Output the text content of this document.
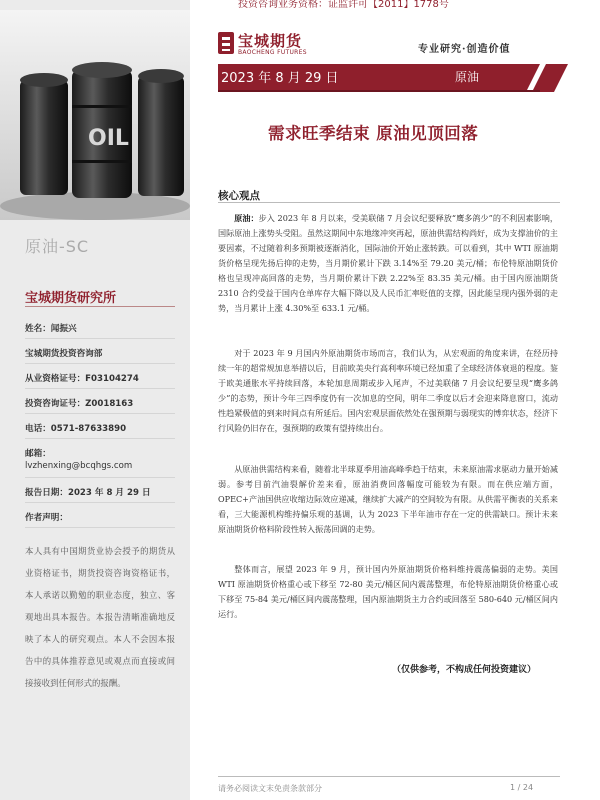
投资咨询业务资格：证监许可【2011】1778号
OIL
原油-SC
宝城期货研究所
姓名：闻振兴
宝城期货投资咨询部
从业资格证号：F03104274
投资咨询证号：Z0018163
电话：0571-87633890
邮箱：
lvzhenxing@bcqhgs.com
报告日期：2023 年 8 月 29 日
作者声明：
本人具有中国期货业协会授予的期货从业资格证书，期货投资咨询资格证书，本人承诺以勤勉的职业态度，独立、客观地出具本报告。本报告清晰准确地反映了本人的研究观点。本人不会因本报告中的具体推荐意见或观点而直接或间接接收到任何形式的报酬。
宝城期货
BAOCHENG FUTURES	专业研究·创造价值
2023 年 8 月 29 日	原油
需求旺季结束 原油见顶回落
核心观点

原油：步入 2023 年 8 月以来，受美联储 7 月会议纪要释放“鹰多鸽少”的不利因素影响，国际原油上涨势头受阻。虽然这期间中东地缘冲突再起，原油供需结构尚好，成为支撑油价的主要因素，不过随着利多预期被逐渐消化，国际油价开始止涨转跌。可以看到，其中 WTI 原油期货价格呈现先扬后抑的走势，当月期价累计下跌 3.14%至 79.20 美元/桶；布伦特原油期货价格也呈现冲高回落的走势，当月期价累计下跌 2.22%至 83.35 美元/桶。由于国内原油期货 2310 合约受益于国内仓单库存大幅下降以及人民币汇率贬值的支撑，因此能呈现内强外弱的走势，当月累计上涨 4.30%至 633.1 元/桶。

对于 2023 年 9 月国内外原油期货市场而言，我们认为，从宏观面的角度来讲，在经历持续一年的超常规加息举措以后，目前欧美央行高利率环境已经加重了全球经济体衰退的程度。鉴于欧美通胀水平持续回落，本轮加息周期或步入尾声，不过美联储 7 月会议纪要呈现“鹰多鸽少”的态势，预计今年三四季度仍有一次加息的空间，明年二季度以后才会迎来降息窗口，流动性趋紧极值的到来时间点有所延后。国内宏观层面依然处在强预期与弱现实的博弈状态，经济下行风险仍旧存在，强预期的政策有望持续出台。

从原油供需结构来看，随着北半球夏季用油高峰季趋于结束，未来原油需求驱动力量开始减弱。参考目前汽油裂解价差来看，原油消费回落幅度可能较为有限。而在供应端方面，OPEC+产油国供应收缩边际效应递减，继续扩大减产的空间较为有限。从供需平衡表的关系来看，三大能源机构维持偏乐观的基调，认为 2023 下半年油市存在一定的供需缺口。预计未来原油期货价格料阶段性转入振荡回调的走势。

整体而言，展望 2023 年 9 月，预计国内外原油期货价格料维持震荡偏弱的走势。美国 WTI 原油期货价格重心或下移至 72-80 美元/桶区间内震荡整理，布伦特原油期货价格重心或下移至 75-84 美元/桶区间内震荡整理，国内原油期货主力合约或回落至 580-640 元/桶区间内运行。

（仅供参考，不构成任何投资建议）
请务必阅读文末免责条款部分	1 / 24
